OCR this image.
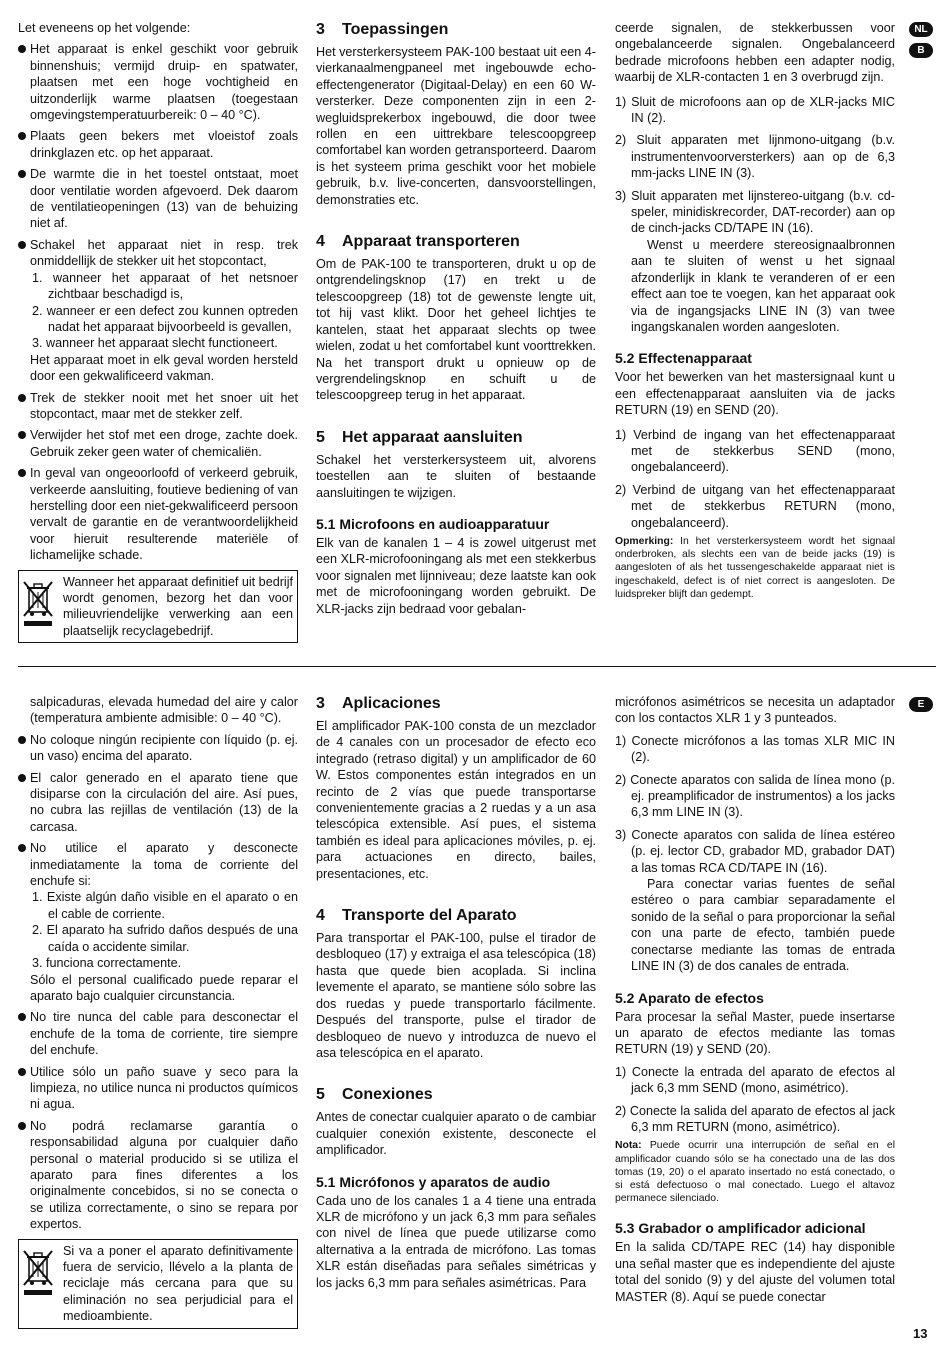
NL
B
E

Let eveneens op het volgende:

Het apparaat is enkel geschikt voor gebruik binnenshuis; vermijd druip- en spatwater, plaatsen met een hoge vochtigheid en uitzonderlijk warme plaatsen (toegestaan omgevingstemperatuurbereik: 0 – 40 °C).
Plaats geen bekers met vloeistof zoals drinkglazen etc. op het apparaat.
De warmte die in het toestel ontstaat, moet door ventilatie worden afgevoerd. Dek daarom de ventilatieopeningen (13) van de behuizing niet af.

Schakel het apparaat niet in resp. trek onmiddellijk de stekker uit het stopcontact,

1. wanneer het apparaat of het netsnoer zichtbaar beschadigd is,
2. wanneer er een defect zou kunnen optreden nadat het apparaat bijvoorbeeld is gevallen,
3. wanneer het apparaat slecht functioneert.

Het apparaat moet in elk geval worden hersteld door een gekwalificeerd vakman.

Trek de stekker nooit met het snoer uit het stopcontact, maar met de stekker zelf.
Verwijder het stof met een droge, zachte doek. Gebruik zeker geen water of chemicaliën.
In geval van ongeoorloofd of verkeerd gebruik, verkeerde aansluiting, foutieve bediening of van herstelling door een niet-gekwalificeerd persoon vervalt de garantie en de verantwoordelijkheid voor hieruit resulterende materiële of lichamelijke schade.
Wanneer het apparaat definitief uit bedrijf wordt genomen, bezorg het dan voor milieuvriendelijke verwerking aan een plaatselijk recyclagebedrijf.
3 Toepassingen

Het versterkersysteem PAK-100 bestaat uit een 4-vierkanaalmengpaneel met ingebouwde echo-effectengenerator (Digitaal-Delay) en een 60 W-versterker. Deze componenten zijn in een 2-wegluidsprekerbox ingebouwd, die door twee rollen en een uittrekbare telescoopgreep comfortabel kan worden getransporteerd. Daarom is het systeem prima geschikt voor het mobiele gebruik, b.v. live-concerten, dansvoorstellingen, demonstraties etc.

4 Apparaat transporteren

Om de PAK-100 te transporteren, drukt u op de ontgrendelingsknop (17) en trekt u de telescoopgreep (18) tot de gewenste lengte uit, tot hij vast klikt. Door het geheel lichtjes te kantelen, staat het apparaat slechts op twee wielen, zodat u het comfortabel kunt voorttrekken. Na het transport drukt u opnieuw op de vergrendelingsknop en schuift u de telescoopgreep terug in het apparaat.

5 Het apparaat aansluiten

Schakel het versterkersysteem uit, alvorens toestellen aan te sluiten of bestaande aansluitingen te wijzigen.

5.1 Microfoons en audioapparatuur

Elk van de kanalen 1 – 4 is zowel uitgerust met een XLR-microfooningang als met een stekkerbus voor signalen met lijnniveau; deze laatste kan ook met de microfooningang worden gebruikt. De XLR-jacks zijn bedraad voor gebalan-

ceerde signalen, de stekkerbussen voor ongebalanceerde signalen. Ongebalanceerd bedrade microfoons hebben een adapter nodig, waarbij de XLR-contacten 1 en 3 overbrugd zijn.

1) Sluit de microfoons aan op de XLR-jacks MIC IN (2).
2) Sluit apparaten met lijnmono-uitgang (b.v. instrumentenvoorversterkers) aan op de 6,3 mm-jacks LINE IN (3).
3) Sluit apparaten met lijnstereo-uitgang (b.v. cd-speler, minidiskrecorder, DAT-recorder) aan op de cinch-jacks CD/TAPE IN (16).

Wenst u meerdere stereosignaalbronnen aan te sluiten of wenst u het signaal afzonderlijk in klank te veranderen of er een effect aan toe te voegen, kan het apparaat ook via de ingangsjacks LINE IN (3) van twee ingangskanalen worden aangesloten.

5.2 Effectenapparaat

Voor het bewerken van het mastersignaal kunt u een effectenapparaat aansluiten via de jacks RETURN (19) en SEND (20).

1) Verbind de ingang van het effectenapparaat met de stekkerbus SEND (mono, ongebalanceerd).
2) Verbind de uitgang van het effectenapparaat met de stekkerbus RETURN (mono, ongebalanceerd).

Opmerking: In het versterkersysteem wordt het signaal onderbroken, als slechts een van de beide jacks (19) is aangesloten of als het tussengeschakelde apparaat niet is ingeschakeld, defect is of niet correct is aangesloten. De luidspreker blijft dan gedempt.

salpicaduras, elevada humedad del aire y calor (temperatura ambiente admisible: 0 – 40 °C).

No coloque ningún recipiente con líquido (p. ej. un vaso) encima del aparato.
El calor generado en el aparato tiene que disiparse con la circulación del aire. Así pues, no cubra las rejillas de ventilación (13) de la carcasa.

No utilice el aparato y desconecte inmediatamente la toma de corriente del enchufe si:

1. Existe algún daño visible en el aparato o en el cable de corriente.
2. El aparato ha sufrido daños después de una caída o accidente similar.
3. funciona correctamente.

Sólo el personal cualificado puede reparar el aparato bajo cualquier circunstancia.

No tire nunca del cable para desconectar el enchufe de la toma de corriente, tire siempre del enchufe.
Utilice sólo un paño suave y seco para la limpieza, no utilice nunca ni productos químicos ni agua.
No podrá reclamarse garantía o responsabilidad alguna por cualquier daño personal o material producido si se utiliza el aparato para fines diferentes a los originalmente concebidos, si no se conecta o se utiliza correctamente, o sino se repara por expertos.
Si va a poner el aparato definitivamente fuera de servicio, llévelo a la planta de reciclaje más cercana para que su eliminación no sea perjudicial para el medioambiente.
3 Aplicaciones

El amplificador PAK-100 consta de un mezclador de 4 canales con un procesador de efecto eco integrado (retraso digital) y un amplificador de 60 W. Estos componentes están integrados en un recinto de 2 vías que puede transportarse convenientemente gracias a 2 ruedas y a un asa telescópica extensible. Así pues, el sistema también es ideal para aplicaciones móviles, p. ej. para actuaciones en directo, bailes, presentaciones, etc.

4 Transporte del Aparato

Para transportar el PAK-100, pulse el tirador de desbloqueo (17) y extraiga el asa telescópica (18) hasta que quede bien acoplada. Si inclina levemente el aparato, se mantiene sólo sobre las dos ruedas y puede transportarlo fácilmente. Después del transporte, pulse el tirador de desbloqueo de nuevo y introduzca de nuevo el asa telescópica en el aparato.

5 Conexiones

Antes de conectar cualquier aparato o de cambiar cualquier conexión existente, desconecte el amplificador.

5.1 Micrófonos y aparatos de audio

Cada uno de los canales 1 a 4 tiene una entrada XLR de micrófono y un jack 6,3 mm para señales con nivel de línea que puede utilizarse como alternativa a la entrada de micrófono. Las tomas XLR están diseñadas para señales simétricas y los jacks 6,3 mm para señales asimétricas. Para

micrófonos asimétricos se necesita un adaptador con los contactos XLR 1 y 3 punteados.

1) Conecte micrófonos a las tomas XLR MIC IN (2).
2) Conecte aparatos con salida de línea mono (p. ej. preamplificador de instrumentos) a los jacks 6,3 mm LINE IN (3).
3) Conecte aparatos con salida de línea estéreo (p. ej. lector CD, grabador MD, grabador DAT) a las tomas RCA CD/TAPE IN (16).

Para conectar varias fuentes de señal estéreo o para cambiar separadamente el sonido de la señal o para proporcionar la señal con una parte de efecto, también puede conectarse mediante las tomas de entrada LINE IN (3) de dos canales de entrada.

5.2 Aparato de efectos

Para procesar la señal Master, puede insertarse un aparato de efectos mediante las tomas RETURN (19) y SEND (20).

1) Conecte la entrada del aparato de efectos al jack 6,3 mm SEND (mono, asimétrico).
2) Conecte la salida del aparato de efectos al jack 6,3 mm RETURN (mono, asimétrico).

Nota: Puede ocurrir una interrupción de señal en el amplificador cuando sólo se ha conectado una de las dos tomas (19, 20) o el aparato insertado no está conectado, o si está defectuoso o mal conectado. Luego el altavoz permanece silenciado.

5.3 Grabador o amplificador adicional

En la salida CD/TAPE REC (14) hay disponible una señal master que es independiente del ajuste total del sonido (9) y del ajuste del volumen total MASTER (8). Aquí se puede conectar

13
